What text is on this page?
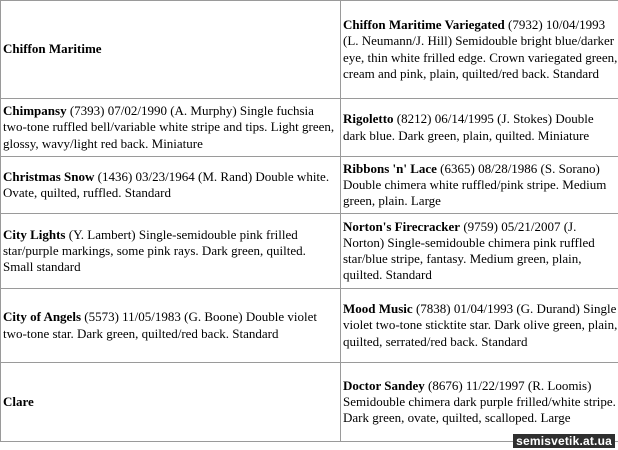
Chiffon Maritime	Chiffon Maritime Variegated (7932) 10/04/1993 (L. Neumann/J. Hill) Semidouble bright blue/darker eye, thin white frilled edge. Crown variegated green, cream and pink, plain, quilted/red back. Standard
Chimpansy (7393) 07/02/1990 (A. Murphy) Single fuchsia two-tone ruffled bell/variable white stripe and tips. Light green, glossy, wavy/light red back. Miniature	Rigoletto (8212) 06/14/1995 (J. Stokes) Double dark blue. Dark green, plain, quilted. Miniature
Christmas Snow (1436) 03/23/1964 (M. Rand) Double white. Ovate, quilted, ruffled. Standard	Ribbons 'n' Lace (6365) 08/28/1986 (S. Sorano) Double chimera white ruffled/pink stripe. Medium green, plain. Large
City Lights (Y. Lambert) Single-semidouble pink frilled star/purple markings, some pink rays. Dark green, quilted. Small standard	Norton's Firecracker (9759) 05/21/2007 (J. Norton) Single-semidouble chimera pink ruffled star/blue stripe, fantasy. Medium green, plain, quilted. Standard
City of Angels (5573) 11/05/1983 (G. Boone) Double violet two-tone star. Dark green, quilted/red back. Standard	Mood Music (7838) 01/04/1993 (G. Durand) Single violet two-tone sticktite star. Dark olive green, plain, quilted, serrated/red back. Standard
Clare	Doctor Sandey (8676) 11/22/1997 (R. Loomis) Semidouble chimera dark purple frilled/white stripe. Dark green, ovate, quilted, scalloped. Large
semisvetik.at.ua
